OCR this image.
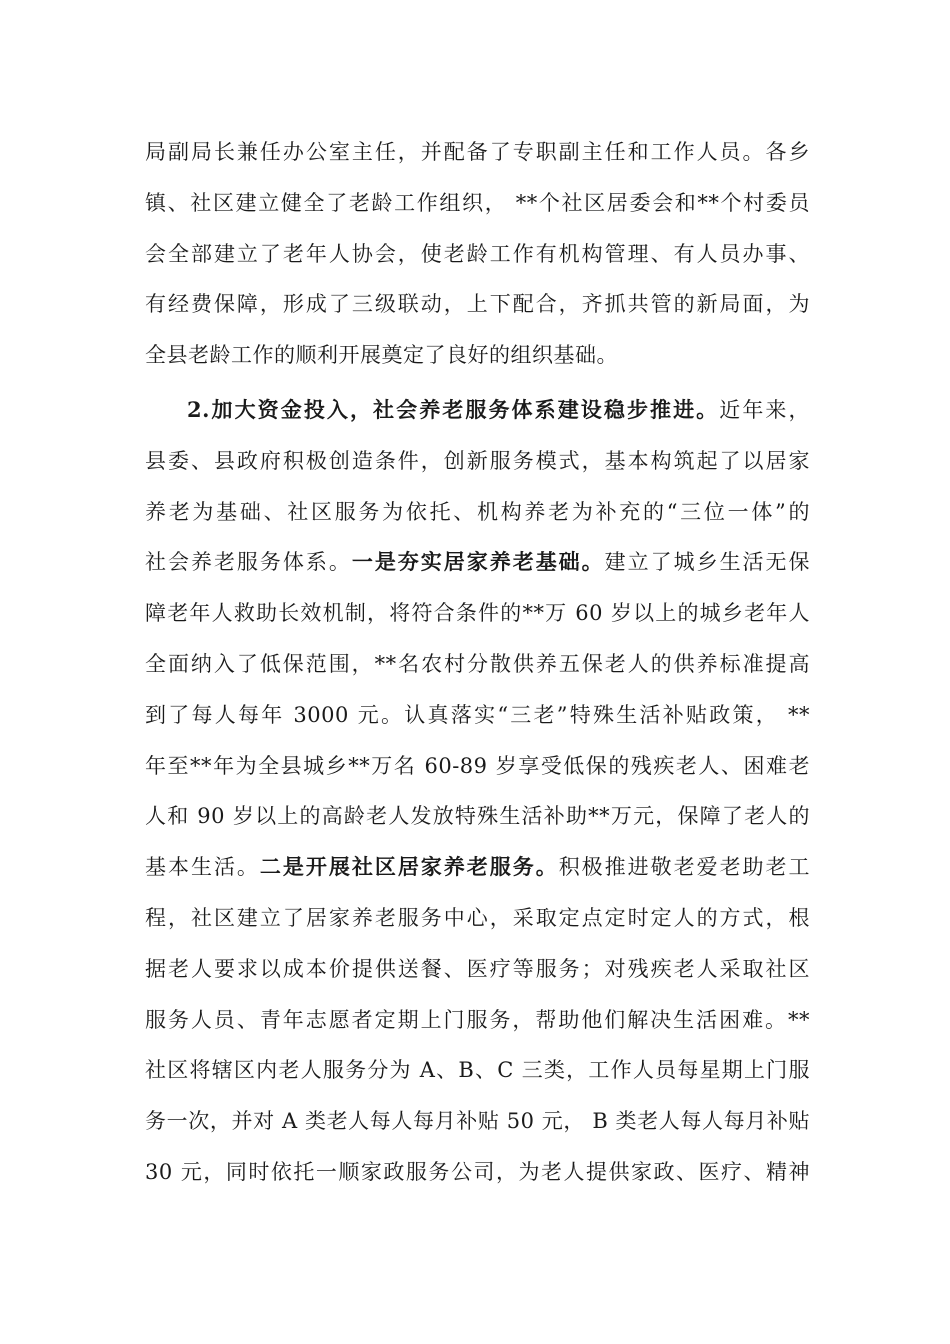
局副局长兼任办公室主任，并配备了专职副主任和工作人员。各乡
镇、社区建立健全了老龄工作组织， **个社区居委会和**个村委员
会全部建立了老年人协会，使老龄工作有机构管理、有人员办事、
有经费保障，形成了三级联动，上下配合，齐抓共管的新局面，为
全县老龄工作的顺利开展奠定了良好的组织基础。
2.加大资金投入，社会养老服务体系建设稳步推进。近年来，
县委、县政府积极创造条件，创新服务模式，基本构筑起了以居家
养老为基础、社区服务为依托、机构养老为补充的“三位一体”的
社会养老服务体系。一是夯实居家养老基础。建立了城乡生活无保
障老年人救助长效机制，将符合条件的**万 60 岁以上的城乡老年人
全面纳入了低保范围，**名农村分散供养五保老人的供养标准提高
到了每人每年 3000 元。认真落实“三老”特殊生活补贴政策， **
年至**年为全县城乡**万名 60-89 岁享受低保的残疾老人、困难老
人和 90 岁以上的高龄老人发放特殊生活补助**万元，保障了老人的
基本生活。二是开展社区居家养老服务。积极推进敬老爱老助老工
程，社区建立了居家养老服务中心，采取定点定时定人的方式，根
据老人要求以成本价提供送餐、医疗等服务；对残疾老人采取社区
服务人员、青年志愿者定期上门服务，帮助他们解决生活困难。**
社区将辖区内老人服务分为 A、B、C 三类，工作人员每星期上门服
务一次，并对 A 类老人每人每月补贴 50 元， B 类老人每人每月补贴
30 元，同时依托一顺家政服务公司，为老人提供家政、医疗、精神
